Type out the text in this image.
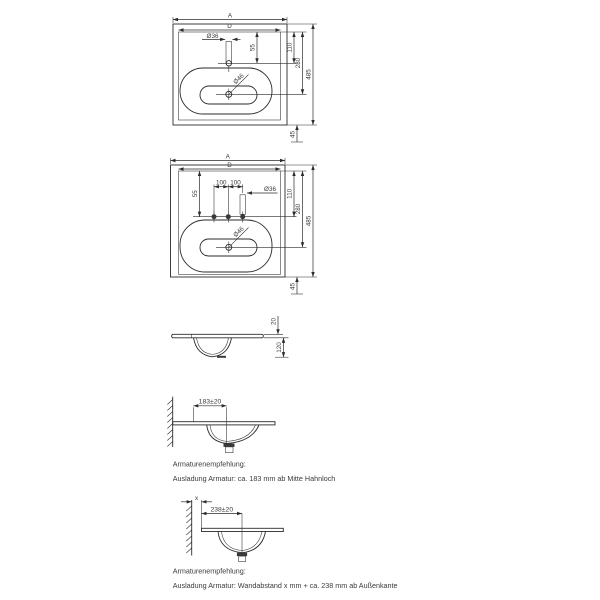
A
D
Ø36
55
Ø46
110
280
485
45
A
D
100 100
Ø36
55
Ø46
110
280
485
45
20
120
183±20
Armaturenempfehlung:
Ausladung Armatur: ca. 183 mm ab Mitte Hahnloch
x
238±20
Armaturenempfehlung:
Ausladung Armatur: Wandabstand x mm + ca. 238 mm ab Außenkante
